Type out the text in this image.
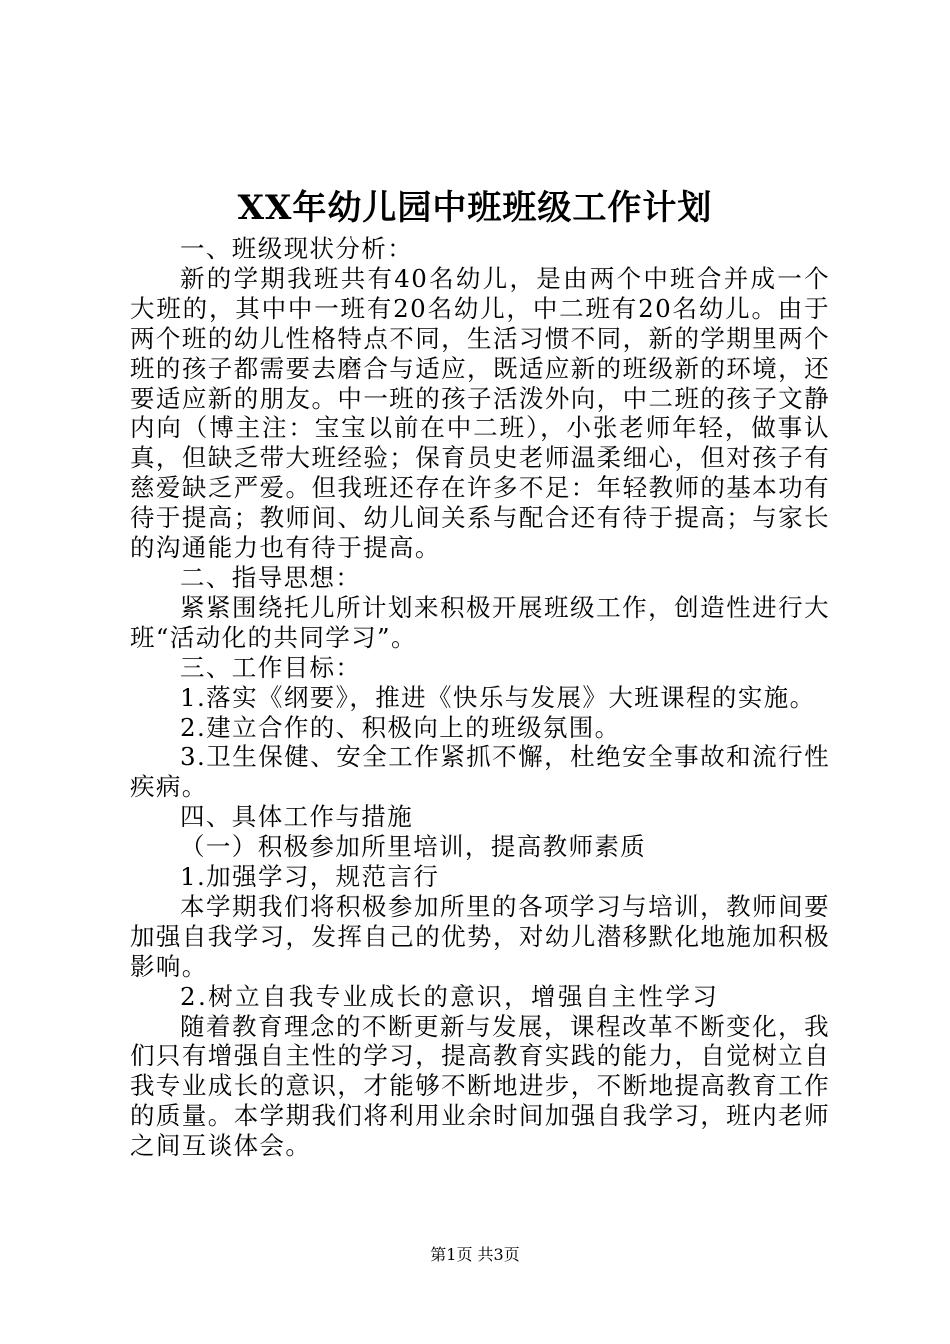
XX年幼儿园中班班级工作计划

一、班级现状分析：

新的学期我班共有40名幼儿，是由两个中班合并成一个大班的，其中中一班有20名幼儿，中二班有20名幼儿。由于两个班的幼儿性格特点不同，生活习惯不同，新的学期里两个班的孩子都需要去磨合与适应，既适应新的班级新的环境，还要适应新的朋友。中一班的孩子活泼外向，中二班的孩子文静内向（博主注：宝宝以前在中二班），小张老师年轻，做事认真，但缺乏带大班经验；保育员史老师温柔细心，但对孩子有慈爱缺乏严爱。但我班还存在许多不足：年轻教师的基本功有待于提高；教师间、幼儿间关系与配合还有待于提高；与家长的沟通能力也有待于提高。

二、指导思想：

紧紧围绕托儿所计划来积极开展班级工作，创造性进行大班“活动化的共同学习”。

三、工作目标：

1.落实《纲要》，推进《快乐与发展》大班课程的实施。

2.建立合作的、积极向上的班级氛围。

3.卫生保健、安全工作紧抓不懈，杜绝安全事故和流行性疾病。

四、具体工作与措施

（一）积极参加所里培训，提高教师素质

1.加强学习，规范言行

本学期我们将积极参加所里的各项学习与培训，教师间要加强自我学习，发挥自己的优势，对幼儿潜移默化地施加积极影响。

2.树立自我专业成长的意识，增强自主性学习

随着教育理念的不断更新与发展，课程改革不断变化，我们只有增强自主性的学习，提高教育实践的能力，自觉树立自我专业成长的意识，才能够不断地进步，不断地提高教育工作的质量。本学期我们将利用业余时间加强自我学习，班内老师之间互谈体会。

第1页 共3页
